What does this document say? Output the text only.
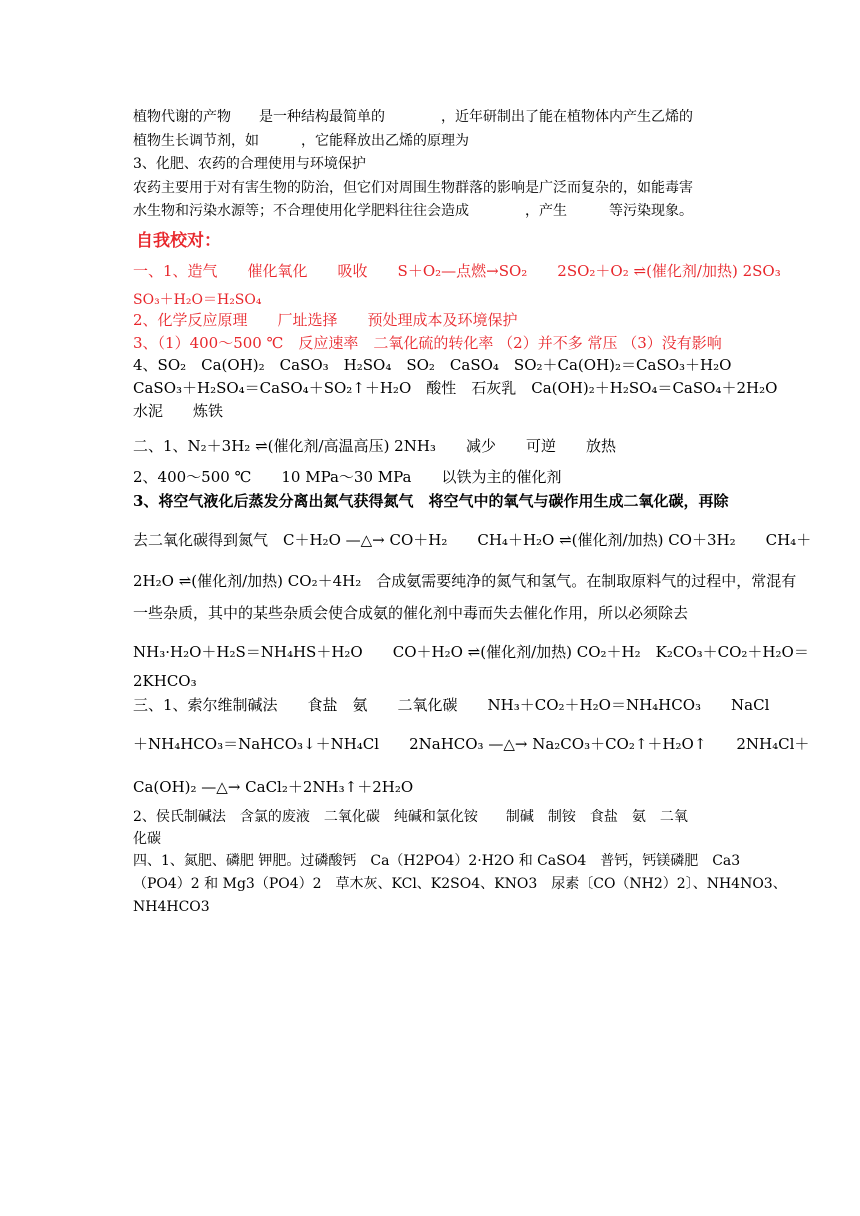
植物代谢的产物　　是一种结构最简单的　　　　，近年研制出了能在植物体内产生乙烯的
植物生长调节剂，如　　　，它能释放出乙烯的原理为
3、化肥、农药的合理使用与环境保护
农药主要用于对有害生物的防治，但它们对周围生物群落的影响是广泛而复杂的，如能毒害
水生物和污染水源等；不合理使用化学肥料往往会造成　　　　，产生　　　等污染现象。
自我校对：
一、1、造气　　催化氧化　　吸收　　S＋O₂—点燃→SO₂　　2SO₂＋O₂ ⇌(催化剂/加热) 2SO₃
SO₃＋H₂O＝H₂SO₄
2、化学反应原理　　厂址选择　　预处理成本及环境保护
3、（1）400～500 ℃　反应速率　二氧化硫的转化率 （2）并不多 常压 （3）没有影响
4、SO₂　Ca(OH)₂　CaSO₃　H₂SO₄　SO₂　CaSO₄　SO₂＋Ca(OH)₂＝CaSO₃＋H₂O
CaSO₃＋H₂SO₄＝CaSO₄＋SO₂↑＋H₂O　酸性　石灰乳　Ca(OH)₂＋H₂SO₄＝CaSO₄＋2H₂O
水泥　　炼铁
二、1、N₂＋3H₂ ⇌(催化剂/高温高压) 2NH₃　　减少　　可逆　　放热
2、400～500 ℃　　10 MPa～30 MPa　　以铁为主的催化剂
3、将空气液化后蒸发分离出氮气获得氮气　将空气中的氧气与碳作用生成二氧化碳，再除
去二氧化碳得到氮气　C＋H₂O —△→ CO＋H₂　　CH₄＋H₂O ⇌(催化剂/加热) CO＋3H₂　　CH₄＋
2H₂O ⇌(催化剂/加热) CO₂＋4H₂　合成氨需要纯净的氮气和氢气。在制取原料气的过程中，常混有
一些杂质，其中的某些杂质会使合成氨的催化剂中毒而失去催化作用，所以必须除去
NH₃·H₂O＋H₂S＝NH₄HS＋H₂O　　CO＋H₂O ⇌(催化剂/加热) CO₂＋H₂　K₂CO₃＋CO₂＋H₂O＝
2KHCO₃
三、1、索尔维制碱法　　食盐　氨　　二氧化碳　　NH₃＋CO₂＋H₂O＝NH₄HCO₃　　NaCl
＋NH₄HCO₃＝NaHCO₃↓＋NH₄Cl　　2NaHCO₃ —△→ Na₂CO₃＋CO₂↑＋H₂O↑　　2NH₄Cl＋
Ca(OH)₂ —△→ CaCl₂＋2NH₃↑＋2H₂O
2、侯氏制碱法　含氯的废液　二氧化碳　纯碱和氯化铵　　制碱　制铵　食盐　氨　二氧
化碳
四、1、氮肥、磷肥 钾肥。过磷酸钙　Ca（H2PO4）2·H2O 和 CaSO4　普钙，钙镁磷肥　Ca3
（PO4）2 和 Mg3（PO4）2　草木灰、KCl、K2SO4、KNO3　尿素〔CO（NH2）2〕、NH4NO3、
NH4HCO3
